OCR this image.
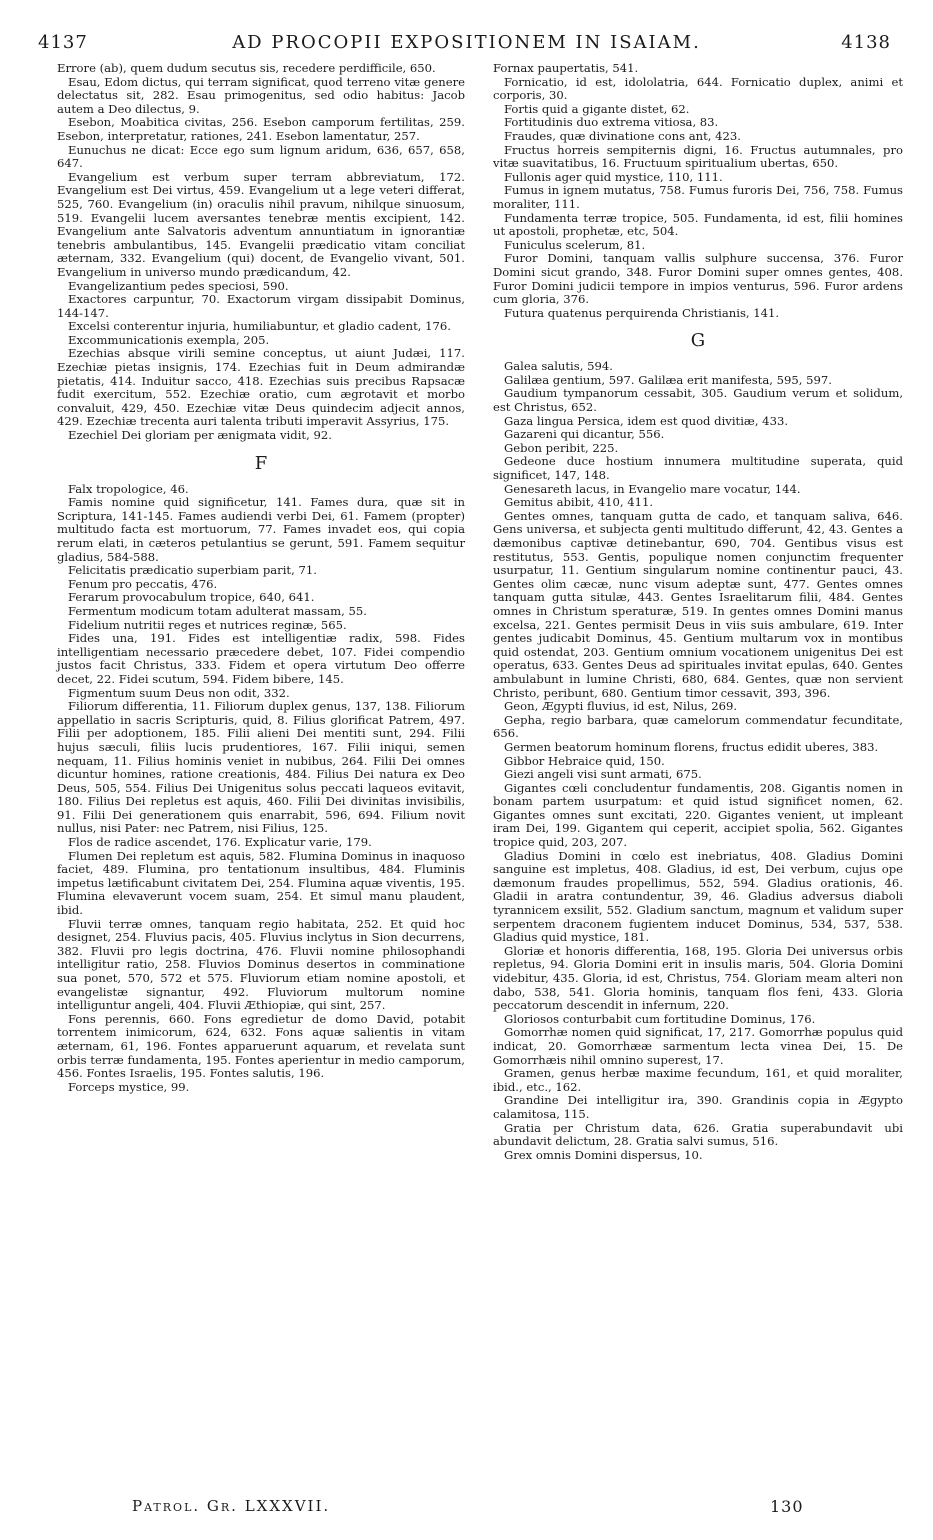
4137	AD PROCOPII EXPOSITIONEM IN ISAIAM.	4138

Errore (ab), quem dudum secutus sis, recedere perdifficile, 650.

Esau, Edom dictus, qui terram significat, quod terreno vitæ genere delectatus sit, 282. Esau primogenitus, sed odio habitus: Jacob autem a Deo dilectus, 9.

Esebon, Moabitica civitas, 256. Esebon camporum fertilitas, 259. Esebon, interpretatur, rationes, 241. Esebon lamentatur, 257.

Eunuchus ne dicat: Ecce ego sum lignum aridum, 636, 657, 658, 647.

Evangelium est verbum super terram abbreviatum, 172. Evangelium est Dei virtus, 459. Evangelium ut a lege veteri differat, 525, 760. Evangelium (in) oraculis nihil pravum, nihilque sinuosum, 519. Evangelii lucem aversantes tenebræ mentis excipient, 142. Evangelium ante Salvatoris adventum annuntiatum in ignorantiæ tenebris ambulantibus, 145. Evangelii prædicatio vitam conciliat æternam, 332. Evangelium (qui) docent, de Evangelio vivant, 501. Evangelium in universo mundo prædicandum, 42.

Evangelizantium pedes speciosi, 590.

Exactores carpuntur, 70. Exactorum virgam dissipabit Dominus, 144-147.

Excelsi conterentur injuria, humiliabuntur, et gladio cadent, 176.

Excommunicationis exempla, 205.

Ezechias absque virili semine conceptus, ut aiunt Judæi, 117. Ezechiæ pietas insignis, 174. Ezechias fuit in Deum admirandæ pietatis, 414. Induitur sacco, 418. Ezechias suis precibus Rapsacæ fudit exercitum, 552. Ezechiæ oratio, cum ægrotavit et morbo convaluit, 429, 450. Ezechiæ vitæ Deus quindecim adjecit annos, 429. Ezechiæ trecenta auri talenta tributi imperavit Assyrius, 175.

Ezechiel Dei gloriam per ænigmata vidit, 92.

F

Falx tropologice, 46.

Famis nomine quid significetur, 141. Fames dura, quæ sit in Scriptura, 141-145. Fames audiendi verbi Dei, 61. Famem (propter) multitudo facta est mortuorum, 77. Fames invadet eos, qui copia rerum elati, in cæteros petulantius se gerunt, 591. Famem sequitur gladius, 584-588.

Felicitatis prædicatio superbiam parit, 71.

Fenum pro peccatis, 476.

Ferarum provocabulum tropice, 640, 641.

Fermentum modicum totam adulterat massam, 55.

Fidelium nutritii reges et nutrices reginæ, 565.

Fides una, 191. Fides est intelligentiæ radix, 598. Fides intelligentiam necessario præcedere debet, 107. Fidei compendio justos facit Christus, 333. Fidem et opera virtutum Deo offerre decet, 22. Fidei scutum, 594. Fidem bibere, 145.

Figmentum suum Deus non odit, 332.

Filiorum differentia, 11. Filiorum duplex genus, 137, 138. Filiorum appellatio in sacris Scripturis, quid, 8. Filius glorificat Patrem, 497. Filii per adoptionem, 185. Filii alieni Dei mentiti sunt, 294. Filii hujus sæculi, filiis lucis prudentiores, 167. Filii iniqui, semen nequam, 11. Filius hominis veniet in nubibus, 264. Filii Dei omnes dicuntur homines, ratione creationis, 484. Filius Dei natura ex Deo Deus, 505, 554. Filius Dei Unigenitus solus peccati laqueos evitavit, 180. Filius Dei repletus est aquis, 460. Filii Dei divinitas invisibilis, 91. Filii Dei generationem quis enarrabit, 596, 694. Filium novit nullus, nisi Pater: nec Patrem, nisi Filius, 125.

Flos de radice ascendet, 176. Explicatur varie, 179.

Flumen Dei repletum est aquis, 582. Flumina Dominus in inaquoso faciet, 489. Flumina, pro tentationum insultibus, 484. Fluminis impetus lætificabunt civitatem Dei, 254. Flumina aquæ viventis, 195. Flumina elevaverunt vocem suam, 254. Et simul manu plaudent, ibid.

Fluvii terræ omnes, tanquam regio habitata, 252. Et quid hoc designet, 254. Fluvius pacis, 405. Fluvius inclytus in Sion decurrens, 382. Fluvii pro legis doctrina, 476. Fluvii nomine philosophandi intelligitur ratio, 258. Fluvios Dominus desertos in comminatione sua ponet, 570, 572 et 575. Fluviorum etiam nomine apostoli, et evangelistæ signantur, 492. Fluviorum multorum nomine intelliguntur angeli, 404. Fluvii Æthiopiæ, qui sint, 257.

Fons perennis, 660. Fons egredietur de domo David, potabit torrentem inimicorum, 624, 632. Fons aquæ salientis in vitam æternam, 61, 196. Fontes apparuerunt aquarum, et revelata sunt orbis terræ fundamenta, 195. Fontes aperientur in medio camporum, 456. Fontes Israelis, 195. Fontes salutis, 196.

Forceps mystice, 99.

Fornax paupertatis, 541.

Fornicatio, id est, idololatria, 644. Fornicatio duplex, animi et corporis, 30.

Fortis quid a gigante distet, 62.

Fortitudinis duo extrema vitiosa, 83.

Fraudes, quæ divinatione cons ant, 423.

Fructus horreis sempiternis digni, 16. Fructus autumnales, pro vitæ suavitatibus, 16. Fructuum spiritualium ubertas, 650.

Fullonis ager quid mystice, 110, 111.

Fumus in ignem mutatus, 758. Fumus furoris Dei, 756, 758. Fumus moraliter, 111.

Fundamenta terræ tropice, 505. Fundamenta, id est, filii homines ut apostoli, prophetæ, etc, 504.

Funiculus scelerum, 81.

Furor Domini, tanquam vallis sulphure succensa, 376. Furor Domini sicut grando, 348. Furor Domini super omnes gentes, 408. Furor Domini judicii tempore in impios venturus, 596. Furor ardens cum gloria, 376.

Futura quatenus perquirenda Christianis, 141.

G

Galea salutis, 594.

Galilæa gentium, 597. Galilæa erit manifesta, 595, 597.

Gaudium tympanorum cessabit, 305. Gaudium verum et solidum, est Christus, 652.

Gaza lingua Persica, idem est quod divitiæ, 433.

Gazareni qui dicantur, 556.

Gebon peribit, 225.

Gedeone duce hostium innumera multitudine superata, quid significet, 147, 148.

Genesareth lacus, in Evangelio mare vocatur, 144.

Gemitus abibit, 410, 411.

Gentes omnes, tanquam gutta de cado, et tanquam saliva, 646. Gens universa, et subjecta genti multitudo differunt, 42, 43. Gentes a dæmonibus captivæ detinebantur, 690, 704. Gentibus visus est restitutus, 553. Gentis, populique nomen conjunctim frequenter usurpatur, 11. Gentium singularum nomine continentur pauci, 43. Gentes olim cæcæ, nunc visum adeptæ sunt, 477. Gentes omnes tanquam gutta situlæ, 443. Gentes Israelitarum filii, 484. Gentes omnes in Christum speraturæ, 519. In gentes omnes Domini manus excelsa, 221. Gentes permisit Deus in viis suis ambulare, 619. Inter gentes judicabit Dominus, 45. Gentium multarum vox in montibus quid ostendat, 203. Gentium omnium vocationem unigenitus Dei est operatus, 633. Gentes Deus ad spirituales invitat epulas, 640. Gentes ambulabunt in lumine Christi, 680, 684. Gentes, quæ non servient Christo, peribunt, 680. Gentium timor cessavit, 393, 396.

Geon, Ægypti fluvius, id est, Nilus, 269.

Gepha, regio barbara, quæ camelorum commendatur fecunditate, 656.

Germen beatorum hominum florens, fructus edidit uberes, 383.

Gibbor Hebraice quid, 150.

Giezi angeli visi sunt armati, 675.

Gigantes cœli concludentur fundamentis, 208. Gigantis nomen in bonam partem usurpatum: et quid istud significet nomen, 62. Gigantes omnes sunt excitati, 220. Gigantes venient, ut impleant iram Dei, 199. Gigantem qui ceperit, accipiet spolia, 562. Gigantes tropice quid, 203, 207.

Gladius Domini in cœlo est inebriatus, 408. Gladius Domini sanguine est impletus, 408. Gladius, id est, Dei verbum, cujus ope dæmonum fraudes propellimus, 552, 594. Gladius orationis, 46. Gladii in aratra contundentur, 39, 46. Gladius adversus diaboli tyrannicem exsilit, 552. Gladium sanctum, magnum et validum super serpentem draconem fugientem inducet Dominus, 534, 537, 538. Gladius quid mystice, 181.

Gloriæ et honoris differentia, 168, 195. Gloria Dei universus orbis repletus, 94. Gloria Domini erit in insulis maris, 504. Gloria Domini videbitur, 435. Gloria, id est, Christus, 754. Gloriam meam alteri non dabo, 538, 541. Gloria hominis, tanquam flos feni, 433. Gloria peccatorum descendit in infernum, 220.

Gloriosos conturbabit cum fortitudine Dominus, 176.

Gomorrhæ nomen quid significat, 17, 217. Gomorrhæ populus quid indicat, 20. Gomorrhææ sarmentum lecta vinea Dei, 15. De Gomorrhæis nihil omnino superest, 17.

Gramen, genus herbæ maxime fecundum, 161, et quid moraliter, ibid., etc., 162.

Grandine Dei intelligitur ira, 390. Grandinis copia in Ægypto calamitosa, 115.

Gratia per Christum data, 626. Gratia superabundavit ubi abundavit delictum, 28. Gratia salvi sumus, 516.

Grex omnis Domini dispersus, 10.

Patrol. Gr. LXXXVII.	130
